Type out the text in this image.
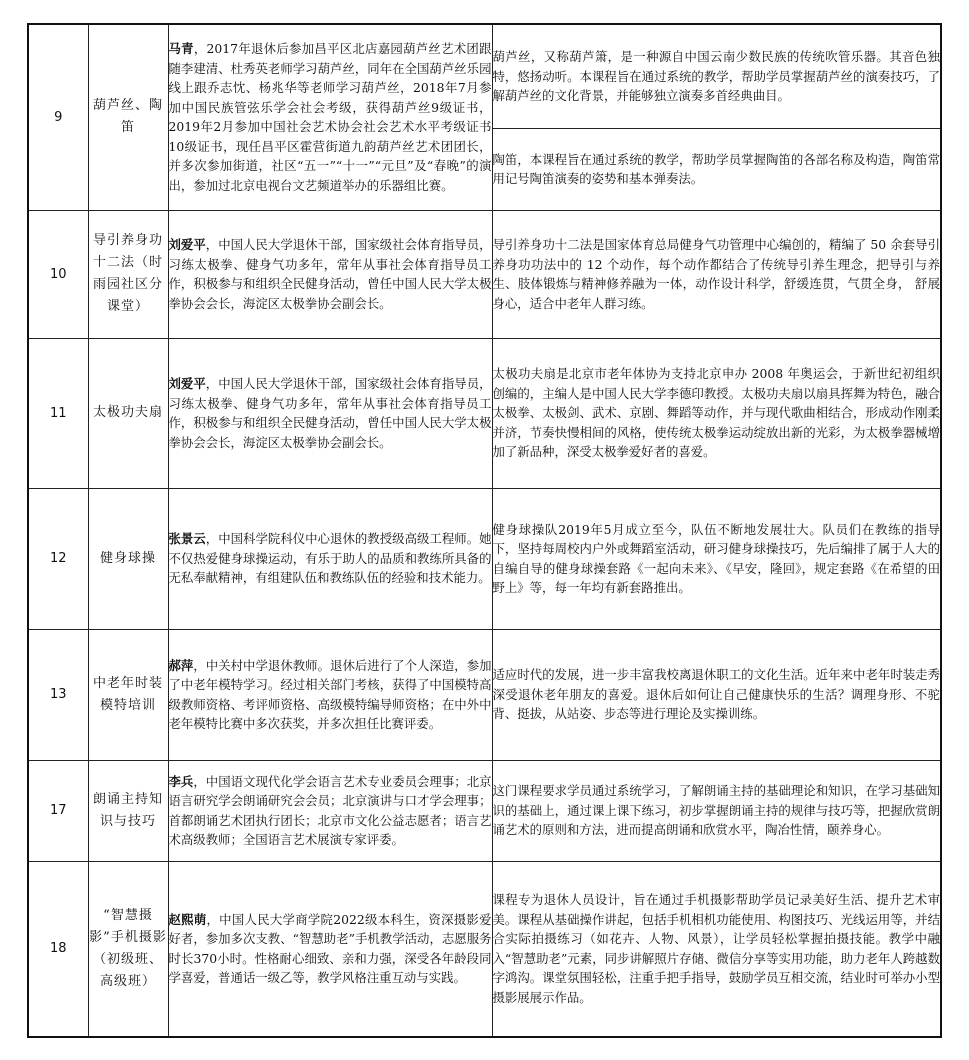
9	葫芦丝、陶笛	马青，2017年退休后参加昌平区北店嘉园葫芦丝艺术团跟随李建清、杜秀英老师学习葫芦丝，同年在全国葫芦丝乐园线上跟乔志忱、杨兆华等老师学习葫芦丝，2018年7月参加中国民族管弦乐学会社会考级，获得葫芦丝9级证书，2019年2月参加中国社会艺术协会社会艺术水平考级证书10级证书，现任昌平区霍营街道九韵葫芦丝艺术团团长，并多次参加街道，社区“五一”“十一”“元旦”及“春晚”的演出，参加过北京电视台文艺频道举办的乐器组比赛。	葫芦丝，又称葫芦箫，是一种源自中国云南少数民族的传统吹管乐器。其音色独特，悠扬动听。本课程旨在通过系统的教学，帮助学员掌握葫芦丝的演奏技巧，了解葫芦丝的文化背景，并能够独立演奏多首经典曲目。
			陶笛，本课程旨在通过系统的教学，帮助学员掌握陶笛的各部名称及构造，陶笛常用记号陶笛演奏的姿势和基本弹奏法。
10	导引养身功十二法（时雨园社区分课堂）	刘爱平，中国人民大学退休干部，国家级社会体育指导员，习练太极拳、健身气功多年，常年从事社会体育指导员工作，积极参与和组织全民健身活动，曾任中国人民大学太极拳协会会长，海淀区太极拳协会副会长。	导引养身功十二法是国家体育总局健身气功管理中心编创的，精编了 50 余套导引养身功功法中的 12 个动作，每个动作都结合了传统导引养生理念，把导引与养生、肢体锻炼与精神修养融为一体，动作设计科学，舒缓连贯，气贯全身， 舒展身心，适合中老年人群习练。
11	太极功夫扇	刘爱平，中国人民大学退休干部，国家级社会体育指导员，习练太极拳、健身气功多年，常年从事社会体育指导员工作，积极参与和组织全民健身活动，曾任中国人民大学太极拳协会会长，海淀区太极拳协会副会长。	太极功夫扇是北京市老年体协为支持北京申办 2008 年奥运会，于新世纪初组织创编的，主编人是中国人民大学李德印教授。太极功夫扇以扇具挥舞为特色，融合太极拳、太极剑、武术、京剧、舞蹈等动作，并与现代歌曲相结合，形成动作刚柔并济，节奏快慢相间的风格，使传统太极拳运动绽放出新的光彩，为太极拳器械增加了新品种，深受太极拳爱好者的喜爱。
12	健身球操	张景云，中国科学院科仪中心退休的教授级高级工程师。她不仅热爱健身球操运动，有乐于助人的品质和教练所具备的无私奉献精神，有组建队伍和教练队伍的经验和技术能力。	健身球操队2019年5月成立至今，队伍不断地发展壮大。队员们在教练的指导下，坚持每周校内户外或舞蹈室活动，研习健身球操技巧，先后编排了属于人大的自编自导的健身球操套路《一起向未来》、《早安，隆回》，规定套路《在希望的田野上》等，每一年均有新套路推出。
13	中老年时装模特培训	郝萍，中关村中学退休教师。退休后进行了个人深造，参加了中老年模特学习。经过相关部门考核，获得了中国模特高级教师资格、考评师资格、高级模特编导师资格；在中外中老年模特比赛中多次获奖，并多次担任比赛评委。	适应时代的发展，进一步丰富我校离退休职工的文化生活。近年来中老年时装走秀深受退休老年朋友的喜爱。退休后如何让自己健康快乐的生活？调理身形、不驼背、挺拔，从站姿、步态等进行理论及实操训练。
17	朗诵主持知识与技巧	李兵，中国语文现代化学会语言艺术专业委员会理事；北京语言研究学会朗诵研究会会员；北京演讲与口才学会理事；首都朗诵艺术团执行团长；北京市文化公益志愿者；语言艺术高级教师；全国语言艺术展演专家评委。	这门课程要求学员通过系统学习，了解朗诵主持的基础理论和知识，在学习基础知识的基础上，通过课上课下练习，初步掌握朗诵主持的规律与技巧等，把握欣赏朗诵艺术的原则和方法，进而提高朗诵和欣赏水平，陶冶性情，颐养身心。
18	“智慧摄影”手机摄影（初级班、高级班）	赵熙萌，中国人民大学商学院2022级本科生，资深摄影爱好者，参加多次支教、“智慧助老”手机教学活动，志愿服务时长370小时。性格耐心细致、亲和力强，深受各年龄段同学喜爱，普通话一级乙等，教学风格注重互动与实践。	课程专为退休人员设计，旨在通过手机摄影帮助学员记录美好生活、提升艺术审美。课程从基础操作讲起，包括手机相机功能使用、构图技巧、光线运用等，并结合实际拍摄练习（如花卉、人物、风景），让学员轻松掌握拍摄技能。教学中融入“智慧助老”元素，同步讲解照片存储、微信分享等实用功能，助力老年人跨越数字鸿沟。课堂氛围轻松，注重手把手指导，鼓励学员互相交流，结业时可举办小型摄影展展示作品。
